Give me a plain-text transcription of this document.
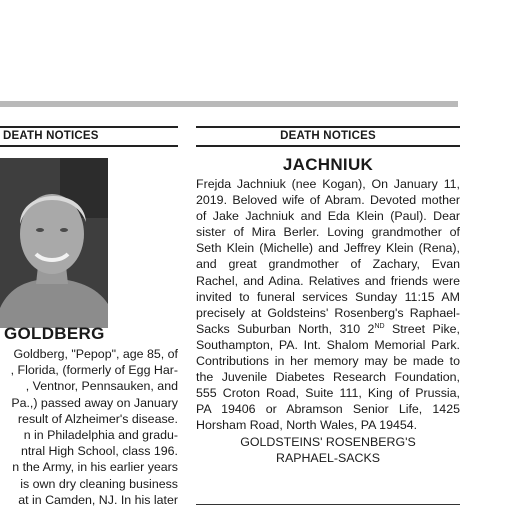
DEATH NOTICES
GOLDBERG
Goldberg, "Pepop", age 85, of
, Florida, (formerly of Egg Har-
, Ventnor, Pennsauken, and
Pa.,) passed away on January
result of Alzheimer's disease.
n in Philadelphia and gradu-
ntral High School, class 196.
n the Army, in his earlier years
is own dry cleaning business
at in Camden, NJ. In his later
DEATH NOTICES
JACHNIUK
Frejda Jachniuk (nee Kogan), On January 11, 2019. Beloved wife of Abram. Devoted mother of Jake Jachniuk and Eda Klein (Paul). Dear sister of Mira Berler. Loving grandmother of Seth Klein (Michelle) and Jeffrey Klein (Rena), and great grandmother of Zachary, Evan Rachel, and Adina. Relatives and friends were invited to funeral services Sunday 11:15 AM precisely at Goldsteins' Rosenberg's Raphael-Sacks Suburban North, 310 2ND Street Pike, Southampton, PA. Int. Shalom Memorial Park. Contributions in her memory may be made to the Juvenile Diabetes Research Foundation, 555 Croton Road, Suite 111, King of Prussia, PA 19406 or Abramson Senior Life, 1425 Horsham Road, North Wales, PA 19454.
GOLDSTEINS' ROSENBERG'S
RAPHAEL-SACKS
